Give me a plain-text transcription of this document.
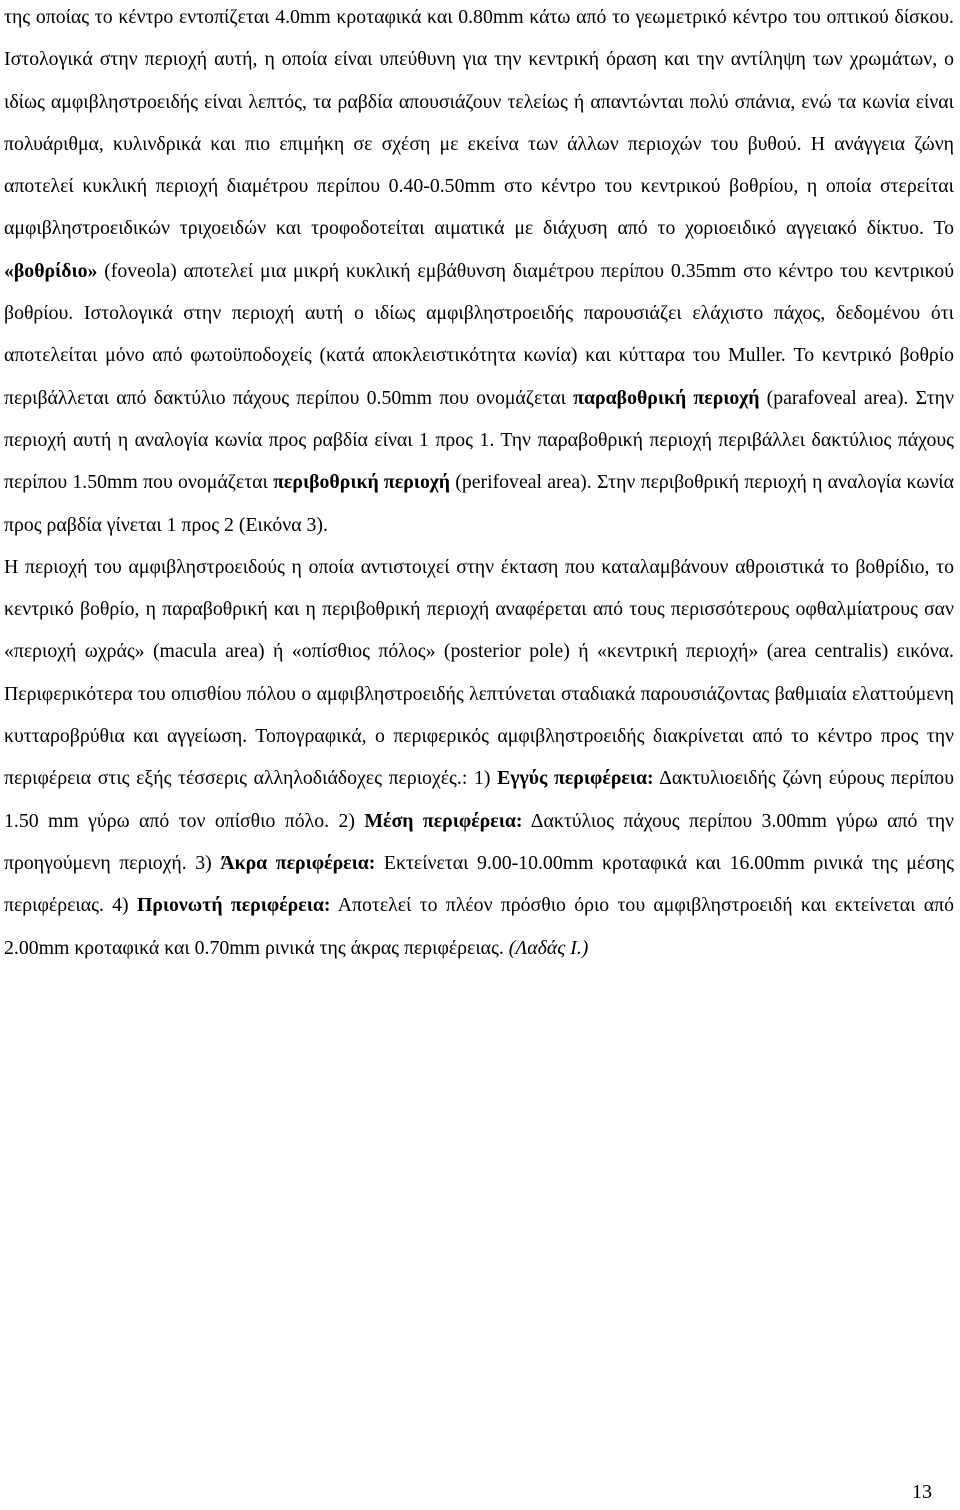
της οποίας το κέντρο εντοπίζεται 4.0mm κροταφικά και 0.80mm κάτω από το γεωμετρικό κέντρο του οπτικού δίσκου. Ιστολογικά στην περιοχή αυτή, η οποία είναι υπεύθυνη για την κεντρική όραση και την αντίληψη των χρωμάτων, ο ιδίως αμφιβληστροειδής είναι λεπτός, τα ραβδία απουσιάζουν τελείως ή απαντώνται πολύ σπάνια, ενώ τα κωνία είναι πολυάριθμα, κυλινδρικά και πιο επιμήκη σε σχέση με εκείνα των άλλων περιοχών του βυθού. Η ανάγγεια ζώνη αποτελεί κυκλική περιοχή διαμέτρου περίπου 0.40-0.50mm στο κέντρο του κεντρικού βοθρίου, η οποία στερείται αμφιβληστροειδικών τριχοειδών και τροφοδοτείται αιματικά με διάχυση από το χοριοειδικό αγγειακό δίκτυο. Το «βοθρίδιο» (foveola) αποτελεί μια μικρή κυκλική εμβάθυνση διαμέτρου περίπου 0.35mm στο κέντρο του κεντρικού βοθρίου. Ιστολογικά στην περιοχή αυτή ο ιδίως αμφιβληστροειδής παρουσιάζει ελάχιστο πάχος, δεδομένου ότι αποτελείται μόνο από φωτοϋποδοχείς (κατά αποκλειστικότητα κωνία) και κύτταρα του Muller. Το κεντρικό βοθρίο περιβάλλεται από δακτύλιο πάχους περίπου 0.50mm που ονομάζεται παραβοθρική περιοχή (parafoveal area). Στην περιοχή αυτή η αναλογία κωνία προς ραβδία είναι 1 προς 1. Την παραβοθρική περιοχή περιβάλλει δακτύλιος πάχους περίπου 1.50mm που ονομάζεται περιβοθρική περιοχή (perifoveal area). Στην περιβοθρική περιοχή η αναλογία κωνία προς ραβδία γίνεται 1 προς 2 (Εικόνα 3).

Η περιοχή του αμφιβληστροειδούς η οποία αντιστοιχεί στην έκταση που καταλαμβάνουν αθροιστικά το βοθρίδιο, το κεντρικό βοθρίο, η παραβοθρική και η περιβοθρική περιοχή αναφέρεται από τους περισσότερους οφθαλμίατρους σαν «περιοχή ωχράς» (macula area) ή «οπίσθιος πόλος» (posterior pole) ή «κεντρική περιοχή» (area centralis) εικόνα. Περιφερικότερα του οπισθίου πόλου ο αμφιβληστροειδής λεπτύνεται σταδιακά παρουσιάζοντας βαθμιαία ελαττούμενη κυτταροβρύθια και αγγείωση. Τοπογραφικά, ο περιφερικός αμφιβληστροειδής διακρίνεται από το κέντρο προς την περιφέρεια στις εξής τέσσερις αλληλοδιάδοχες περιοχές.: 1) Εγγύς περιφέρεια: Δακτυλιοειδής ζώνη εύρους περίπου 1.50 mm γύρω από τον οπίσθιο πόλο. 2) Μέση περιφέρεια: Δακτύλιος πάχους περίπου 3.00mm γύρω από την προηγούμενη περιοχή. 3) Άκρα περιφέρεια: Εκτείνεται 9.00-10.00mm κροταφικά και 16.00mm ρινικά της μέσης περιφέρειας. 4) Πριονωτή περιφέρεια: Αποτελεί το πλέον πρόσθιο όριο του αμφιβληστροειδή και εκτείνεται από 2.00mm κροταφικά και 0.70mm ρινικά της άκρας περιφέρειας. (Λαδάς Ι.)

13
